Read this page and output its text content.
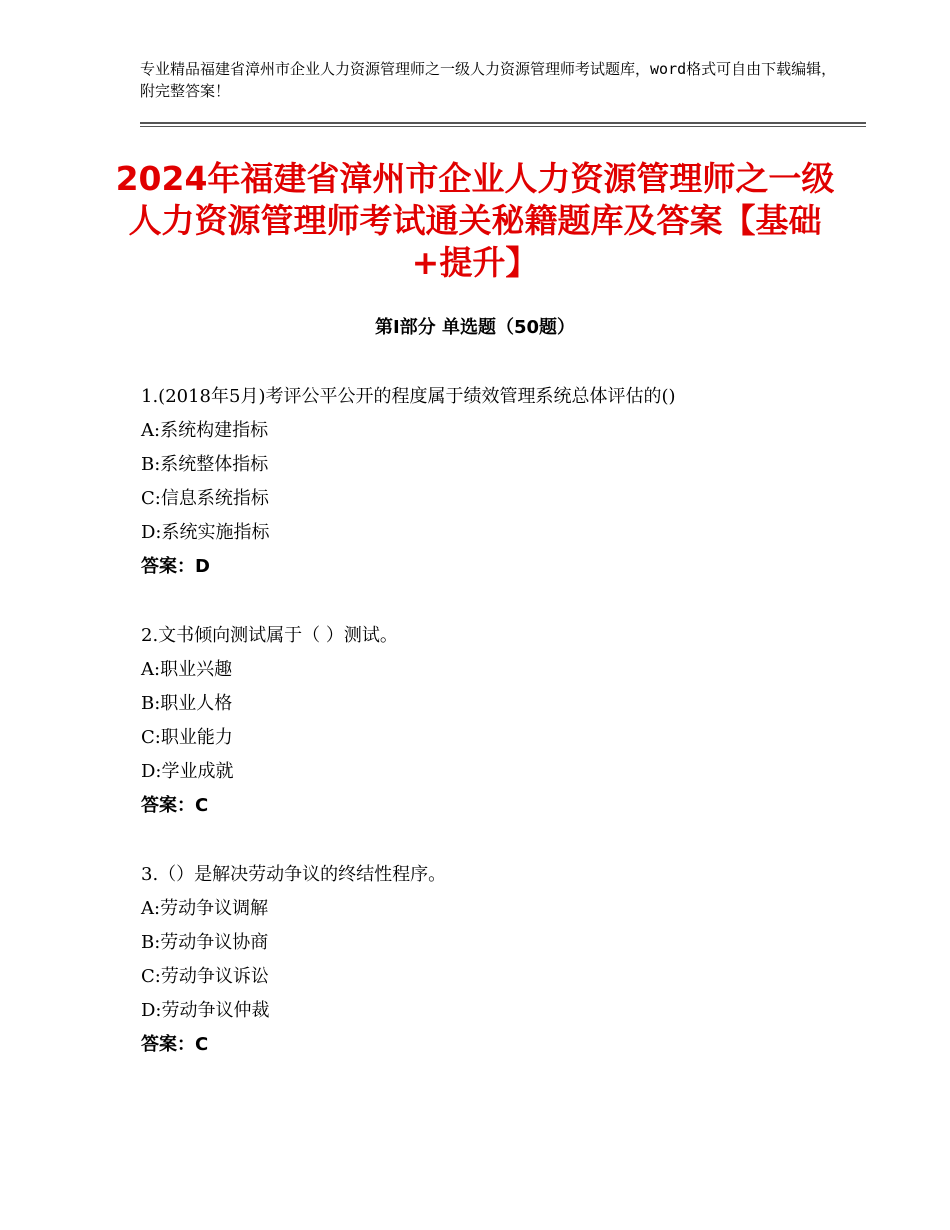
专业精品福建省漳州市企业人力资源管理师之一级人力资源管理师考试题库，word格式可自由下载编辑，附完整答案！
2024年福建省漳州市企业人力资源管理师之一级人力资源管理师考试通关秘籍题库及答案【基础+提升】
第Ⅰ部分 单选题（50题）
1.(2018年5月)考评公平公开的程度属于绩效管理系统总体评估的()
A:系统构建指标
B:系统整体指标
C:信息系统指标
D:系统实施指标
答案：D
2.文书倾向测试属于（ ）测试。
A:职业兴趣
B:职业人格
C:职业能力
D:学业成就
答案：C
3.（）是解决劳动争议的终结性程序。
A:劳动争议调解
B:劳动争议协商
C:劳动争议诉讼
D:劳动争议仲裁
答案：C
